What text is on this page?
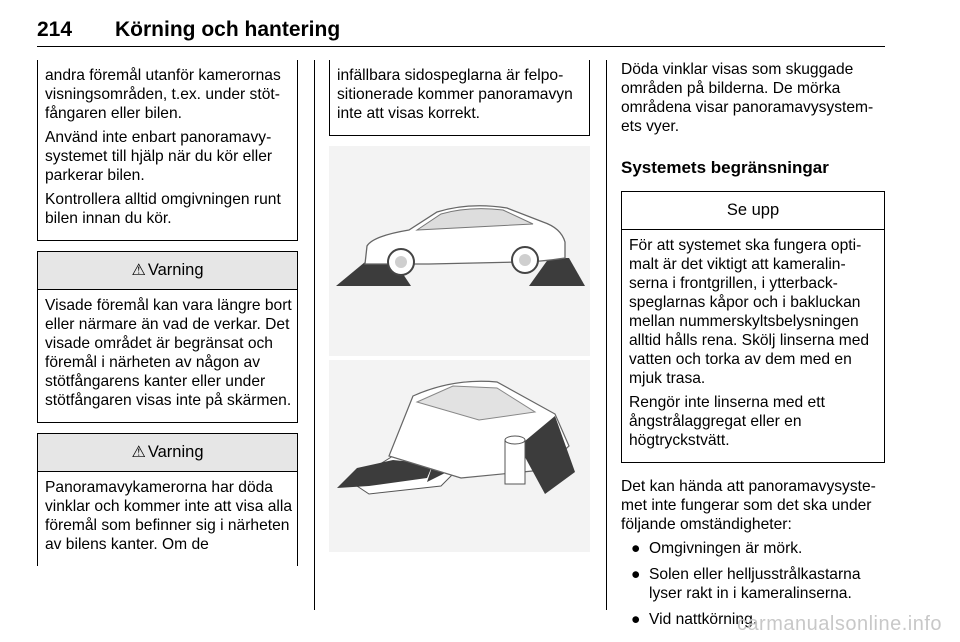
214 Körning och hantering

andra föremål utanför kamerornas visningsområden, t.ex. under stötfångaren eller bilen.

Använd inte enbart panoramavysystemet till hjälp när du kör eller parkerar bilen.

Kontrollera alltid omgivningen runt bilen innan du kör.

⚠ Varning

Visade föremål kan vara längre bort eller närmare än vad de verkar. Det visade området är begränsat och föremål i närheten av någon av stötfångarens kanter eller under stötfångaren visas inte på skärmen.

⚠ Varning

Panoramavykamerorna har döda vinklar och kommer inte att visa alla föremål som befinner sig i närheten av bilens kanter. Om de

infällbara sidospeglarna är felpositionerade kommer panoramavyn inte att visas korrekt.

Döda vinklar visas som skuggade områden på bilderna. De mörka områdena visar panoramavysystemets vyer.

Systemets begränsningar
Se upp

För att systemet ska fungera optimalt är det viktigt att kameralinserna i frontgrillen, i ytterbackspeglarnas kåpor och i bakluckan mellan nummerskyltsbelysningen alltid hålls rena. Skölj linserna med vatten och torka av dem med en mjuk trasa.

Rengör inte linserna med ett ångstrålaggregat eller en högtryckstvätt.

Det kan hända att panoramavysystemet inte fungerar som det ska under följande omständigheter:

● Omgivningen är mörk.
● Solen eller helljusstrålkastarna lyser rakt in i kameralinserna.
● Vid nattkörning.
carmanualsonline.info
